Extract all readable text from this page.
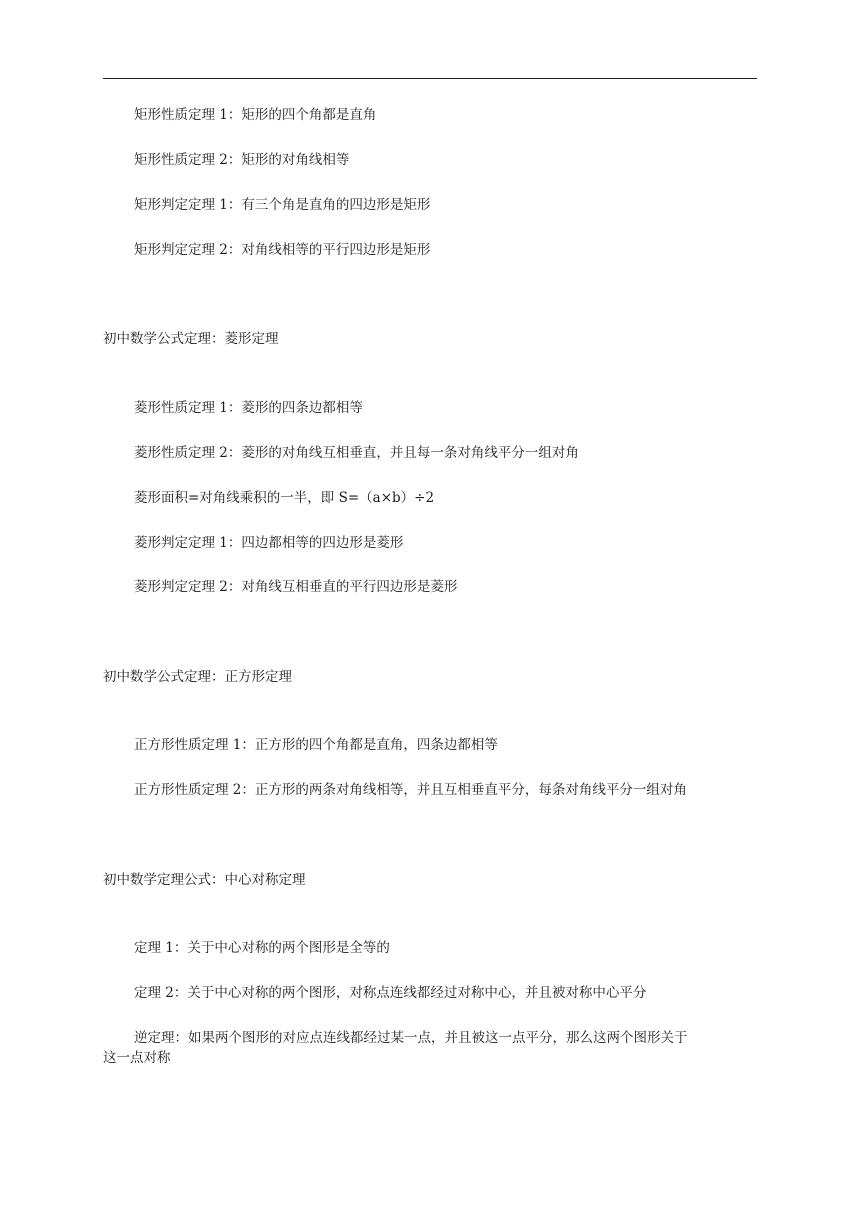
矩形性质定理 1：矩形的四个角都是直角
矩形性质定理 2：矩形的对角线相等
矩形判定定理 1：有三个角是直角的四边形是矩形
矩形判定定理 2：对角线相等的平行四边形是矩形
初中数学公式定理：菱形定理
菱形性质定理 1：菱形的四条边都相等
菱形性质定理 2：菱形的对角线互相垂直，并且每一条对角线平分一组对角
菱形面积=对角线乘积的一半，即 S=（a×b）÷2
菱形判定定理 1：四边都相等的四边形是菱形
菱形判定定理 2：对角线互相垂直的平行四边形是菱形
初中数学公式定理：正方形定理
正方形性质定理 1：正方形的四个角都是直角，四条边都相等
正方形性质定理 2：正方形的两条对角线相等，并且互相垂直平分，每条对角线平分一组对角
初中数学定理公式：中心对称定理
定理 1：关于中心对称的两个图形是全等的
定理 2：关于中心对称的两个图形，对称点连线都经过对称中心，并且被对称中心平分
逆定理：如果两个图形的对应点连线都经过某一点，并且被这一点平分，那么这两个图形关于
这一点对称
